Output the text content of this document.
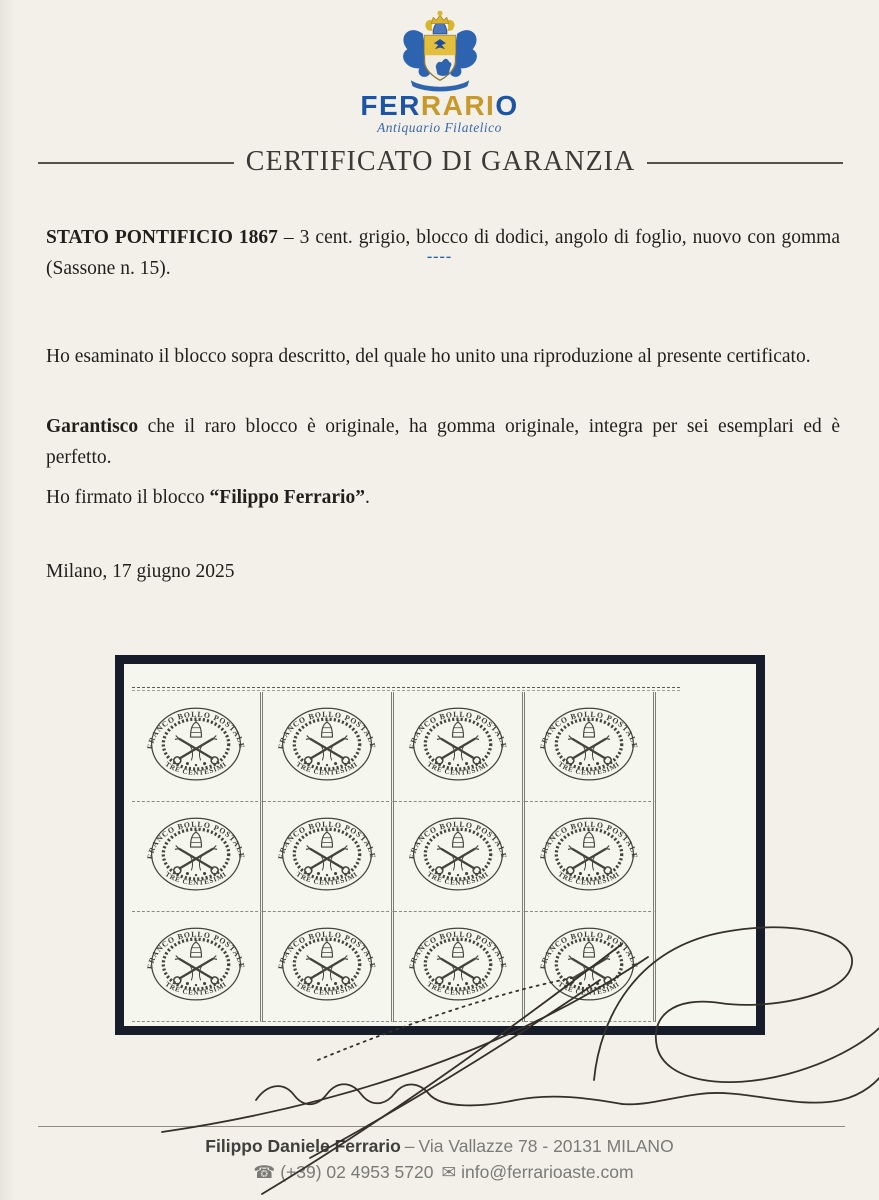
FERRARIO
Antiquario Filatelico
CERTIFICATO DI GARANZIA

STATO PONTIFICIO 1867 – 3 cent. grigio, blocco di dodici, angolo di foglio, nuovo con gomma (Sassone n. 15).

----

Ho esaminato il blocco sopra descritto, del quale ho unito una riproduzione al presente certificato.

Garantisco che il raro blocco è originale, ha gomma originale, integra per sei esemplari ed è perfetto.

Ho firmato il blocco “Filippo Ferrario”.

Milano, 17 giugno 2025

FRANCO BOLLO POSTALE
TRE CENTESIMI
FRANCO BOLLO POSTALE
TRE CENTESIMI
FRANCO BOLLO POSTALE
TRE CENTESIMI
FRANCO BOLLO POSTALE
TRE CENTESIMI
FRANCO BOLLO POSTALE
TRE CENTESIMI
FRANCO BOLLO POSTALE
TRE CENTESIMI
FRANCO BOLLO POSTALE
TRE CENTESIMI
FRANCO BOLLO POSTALE
TRE CENTESIMI
FRANCO BOLLO POSTALE
TRE CENTESIMI
FRANCO BOLLO POSTALE
TRE CENTESIMI
FRANCO BOLLO POSTALE
TRE CENTESIMI
FRANCO BOLLO POSTALE
TRE CENTESIMI
Filippo Daniele Ferrario – Via Vallazze 78 - 20131 MILANO
☎ (+39) 02 4953 5720 ✉ info@ferrarioaste.com
